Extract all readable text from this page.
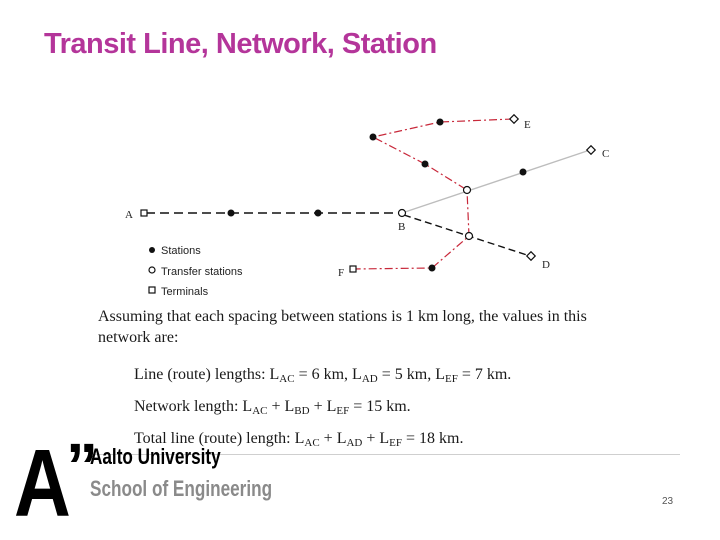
Transit Line, Network, Station
A
B
C
D
E
F
Stations
Transfer stations
Terminals
Assuming that each spacing between stations is 1 km long, the values in this network are:
Line (route) lengths: $L_{AC} = 6$ km, $L_{AD} = 5$ km, $L_{EF} = 7$ km.
Network length: $L_{AC} + L_{BD} + L_{EF} = 15$ km.
Total line (route) length: $L_{AC} + L_{AD} + L_{EF} = 18$ km.
A
”
Aalto University
School of Engineering
23
